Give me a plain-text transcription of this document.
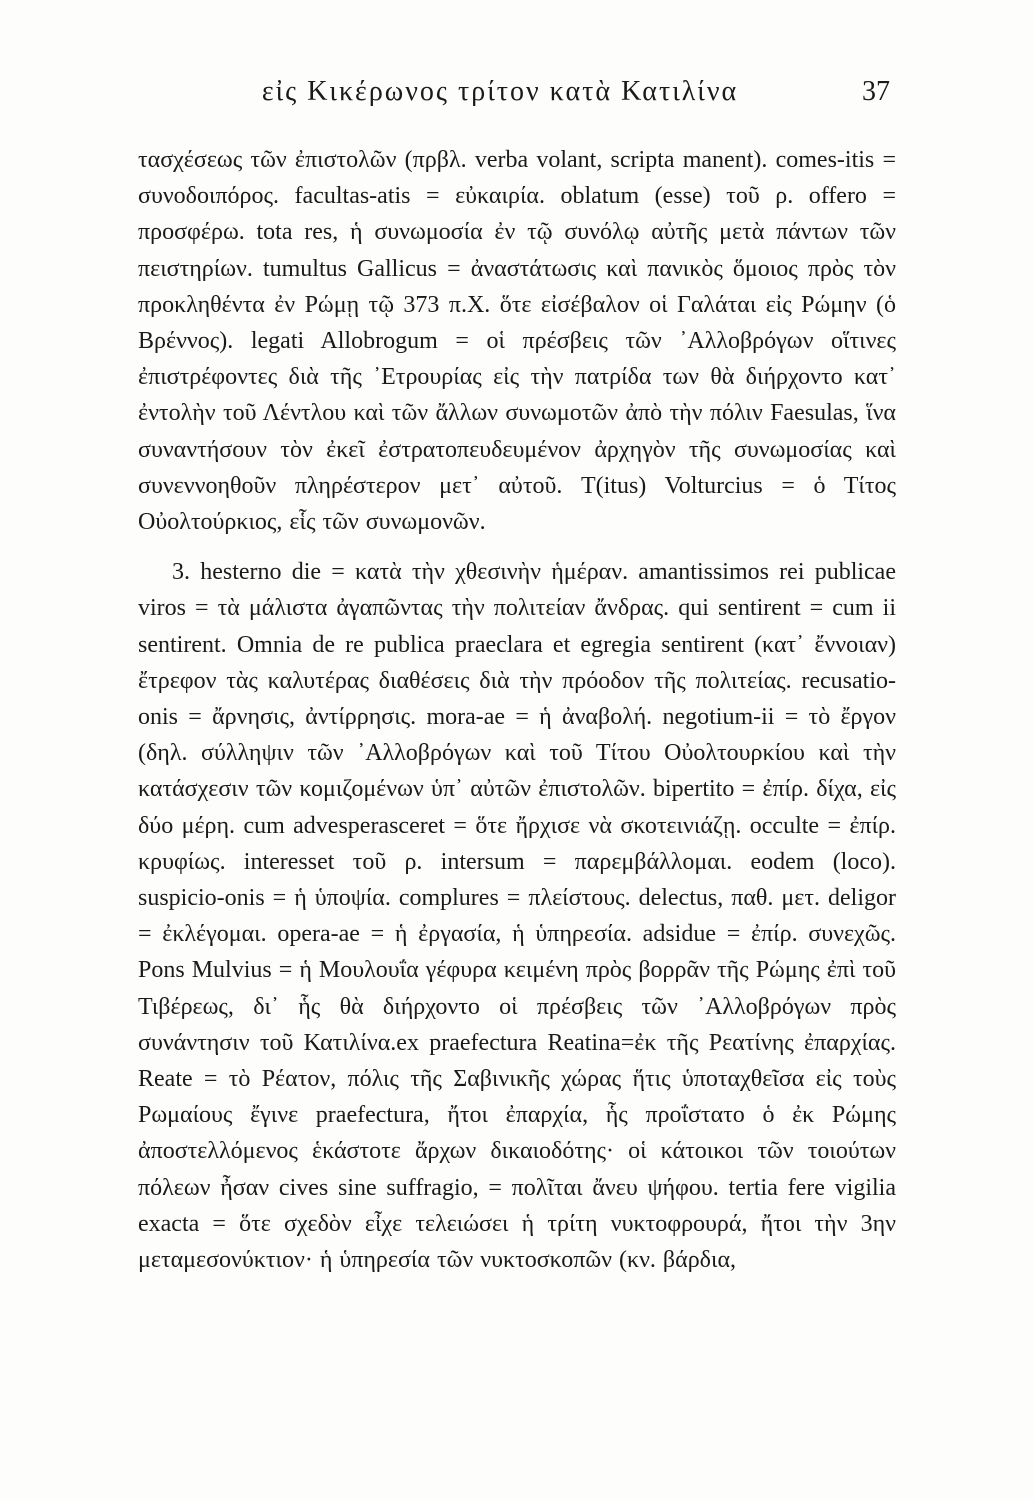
εἰς Κικέρωνος τρίτον κατὰ Κατιλίνα	37

τασχέσεως τῶν ἐπιστολῶν (πρβλ. verba volant, scripta manent). comes-itis = συνοδοιπόρος. facultas-atis = εὐκαιρία. oblatum (esse) τοῦ ρ. offero = προσφέρω. tota res, ἡ συνωμοσία ἐν τῷ συνόλῳ αὐτῆς μετὰ πάντων τῶν πειστηρίων. tumultus Gallicus = ἀναστάτωσις καὶ πανικὸς ὅμοιος πρὸς τὸν προκληθέντα ἐν Ρώμῃ τῷ 373 π.Χ. ὅτε εἰσέβαλον οἱ Γαλάται εἰς Ρώμην (ὁ Βρέννος). legati Allobrogum = οἱ πρέσβεις τῶν ᾿Αλλοβρόγων οἵτινες ἐπιστρέφοντες διὰ τῆς ᾿Ετρουρίας εἰς τὴν πατρίδα των θὰ διήρχοντο κατ᾿ ἐντολὴν τοῦ Λέντλου καὶ τῶν ἄλλων συνωμοτῶν ἀπὸ τὴν πόλιν Faesulas, ἵνα συναντήσουν τὸν ἐκεῖ ἐστρατοπευδευμένον ἀρχηγὸν τῆς συνωμοσίας καὶ συνεννοηθοῦν πληρέστερον μετ᾿ αὐτοῦ. T(itus) Volturcius = ὁ Τίτος Οὐολτούρκιος, εἷς τῶν συνωμονῶν.

3. hesterno die = κατὰ τὴν χθεσινὴν ἡμέραν. amantissimos rei publicae viros = τὰ μάλιστα ἀγαπῶντας τὴν πολιτείαν ἄνδρας. qui sentirent = cum ii sentirent. Omnia de re publica praeclara et egregia sentirent (κατ᾿ ἔννοιαν) ἔτρεφον τὰς καλυτέρας διαθέσεις διὰ τὴν πρόοδον τῆς πολιτείας. recusatio-onis = ἄρνησις, ἀντίρρησις. mora-ae = ἡ ἀναβολή. negotium-ii = τὸ ἔργον (δηλ. σύλληψιν τῶν ᾿Αλλοβρόγων καὶ τοῦ Τίτου Οὐολτουρκίου καὶ τὴν κατάσχεσιν τῶν κομιζομένων ὑπ᾿ αὐτῶν ἐπιστολῶν. bipertito = ἐπίρ. δίχα, εἰς δύο μέρη. cum advesperasceret = ὅτε ἤρχισε νὰ σκοτεινιάζῃ. occulte = ἐπίρ. κρυφίως. interesset τοῦ ρ. intersum = παρεμβάλλομαι. eodem (loco). suspicio-onis = ἡ ὑποψία. complures = πλείστους. delectus, παθ. μετ. deligor = ἐκλέγομαι. opera-ae = ἡ ἐργασία, ἡ ὑπηρεσία. adsidue = ἐπίρ. συνεχῶς. Pons Mulvius = ἡ Μουλουΐα γέφυρα κειμένη πρὸς βορρᾶν τῆς Ρώμης ἐπὶ τοῦ Τιβέρεως, δι᾿ ἧς θὰ διήρχοντο οἱ πρέσβεις τῶν ᾿Αλλοβρόγων πρὸς συνάντησιν τοῦ Κατιλίνα.ex praefectura Reatina=ἐκ τῆς Ρεατίνης ἐπαρχίας. Reate = τὸ Ρέατον, πόλις τῆς Σαβινικῆς χώρας ἥτις ὑποταχθεῖσα εἰς τοὺς Ρωμαίους ἔγινε praefectura, ἤτοι ἐπαρχία, ἧς προΐστατο ὁ ἐκ Ρώμης ἀποστελλόμενος ἑκάστοτε ἄρχων δικαιοδότης· οἱ κάτοικοι τῶν τοιούτων πόλεων ἦσαν cives sine suffragio, = πολῖται ἄνευ ψήφου. tertia fere vigilia exacta = ὅτε σχεδὸν εἶχε τελειώσει ἡ τρίτη νυκτοφρουρά, ἤτοι τὴν 3ην μεταμεσονύκτιον· ἡ ὑπηρεσία τῶν νυκτοσκοπῶν (κν. βάρδια,
